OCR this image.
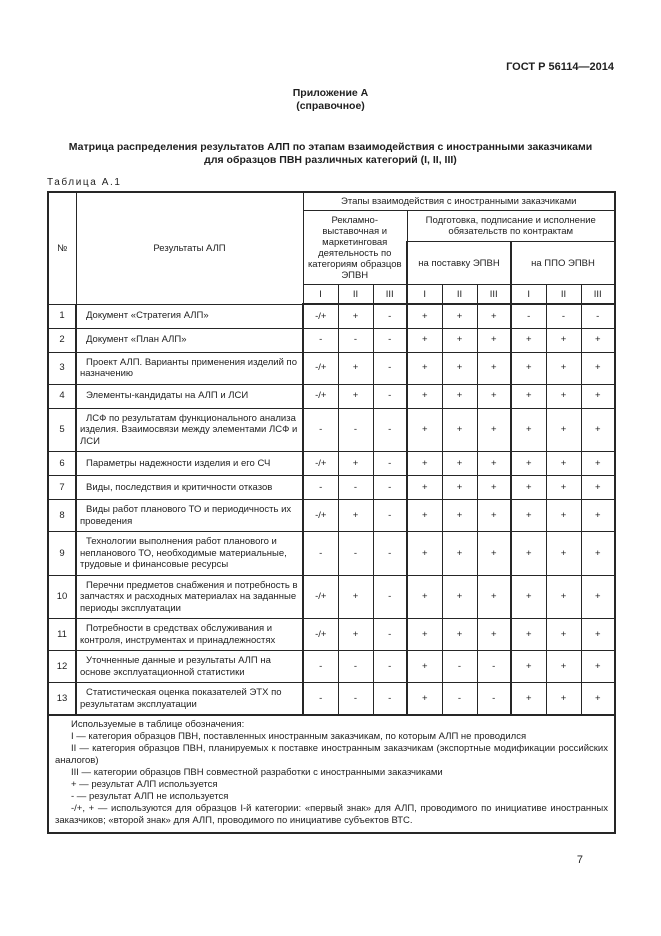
ГОСТ Р 56114—2014
Приложение А
(справочное)
Матрица распределения результатов АЛП по этапам взаимодействия с иностранными заказчиками для образцов ПВН различных категорий (I, II, III)
Таблица А.1
№	Результаты АЛП	Этапы взаимодействия с иностранными заказчиками								
		Рекламно-выставочная и маркетинговая деятельность по категориям образцов ЭПВН			Подготовка, подписание и исполнение обязательств по контрактам					
					на поставку ЭПВН			на ППО ЭПВН		
		I	II	III	I	II	III	I	II	III
1	Документ «Стратегия АЛП»	-/+	+	-	+	+	+	-	-	-
2	Документ «План АЛП»	-	-	-	+	+	+	+	+	+
3	Проект АЛП. Варианты применения изделий по назначению	-/+	+	-	+	+	+	+	+	+
4	Элементы-кандидаты на АЛП и ЛСИ	-/+	+	-	+	+	+	+	+	+
5	ЛСФ по результатам функционального анализа изделия. Взаимосвязи между элементами ЛСФ и ЛСИ	-	-	-	+	+	+	+	+	+
6	Параметры надежности изделия и его СЧ	-/+	+	-	+	+	+	+	+	+
7	Виды, последствия и критичности отказов	-	-	-	+	+	+	+	+	+
8	Виды работ планового ТО и периодичность их проведения	-/+	+	-	+	+	+	+	+	+
9	Технологии выполнения работ планового и непланового ТО, необходимые материальные, трудовые и финансовые ресурсы	-	-	-	+	+	+	+	+	+
10	Перечни предметов снабжения и потребность в запчастях и расходных материалах на заданные периоды эксплуатации	-/+	+	-	+	+	+	+	+	+
11	Потребности в средствах обслуживания и контроля, инструментах и принадлежностях	-/+	+	-	+	+	+	+	+	+
12	Уточненные данные и результаты АЛП на основе эксплуатационной статистики	-	-	-	+	-	-	+	+	+
13	Статистическая оценка показателей ЭТХ по результатам эксплуатации	-	-	-	+	-	-	+	+	+

Используемые в таблице обозначения:

I — категория образцов ПВН, поставленных иностранным заказчикам, по которым АЛП не проводился

II — категория образцов ПВН, планируемых к поставке иностранным заказчикам (экспортные модификации российских аналогов)

III — категории образцов ПВН совместной разработки с иностранными заказчиками

+ — результат АЛП используется

- — результат АЛП не используется

-/+, + — используются для образцов I-й категории: «первый знак» для АЛП, проводимого по инициативе иностранных заказчиков; «второй знак» для АЛП, проводимого по инициативе субъектов ВТС.

7
